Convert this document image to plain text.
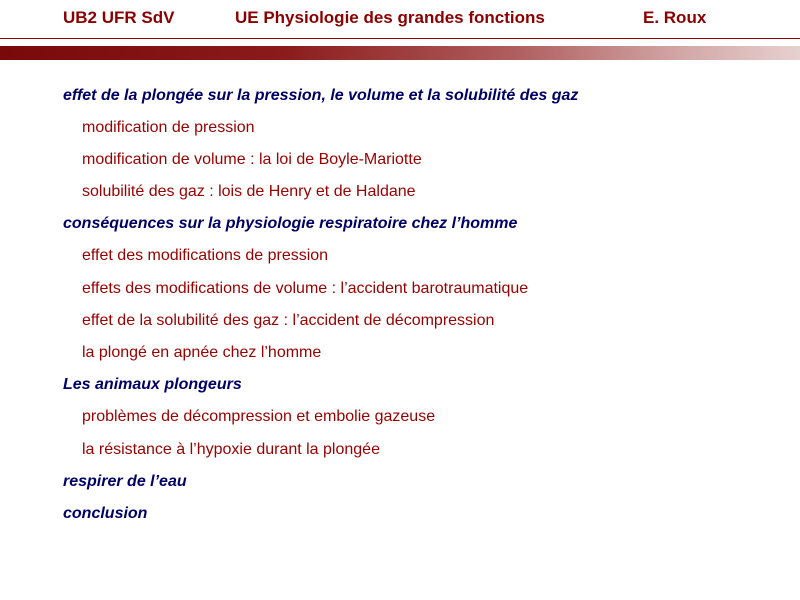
UB2 UFR SdV	UE Physiologie des grandes fonctions	E. Roux
effet de la plongée sur la pression, le volume et la solubilité des gaz
modification de pression
modification de volume : la loi de Boyle-Mariotte
solubilité des gaz : lois de Henry et de Haldane
conséquences sur la physiologie respiratoire chez l’homme
effet des modifications de pression
effets des modifications de volume : l’accident barotraumatique
effet de la solubilité des gaz : l’accident de décompression
la plongé en apnée chez l’homme
Les animaux plongeurs
problèmes de décompression et embolie gazeuse
la résistance à l’hypoxie durant la plongée
respirer de l’eau
conclusion
